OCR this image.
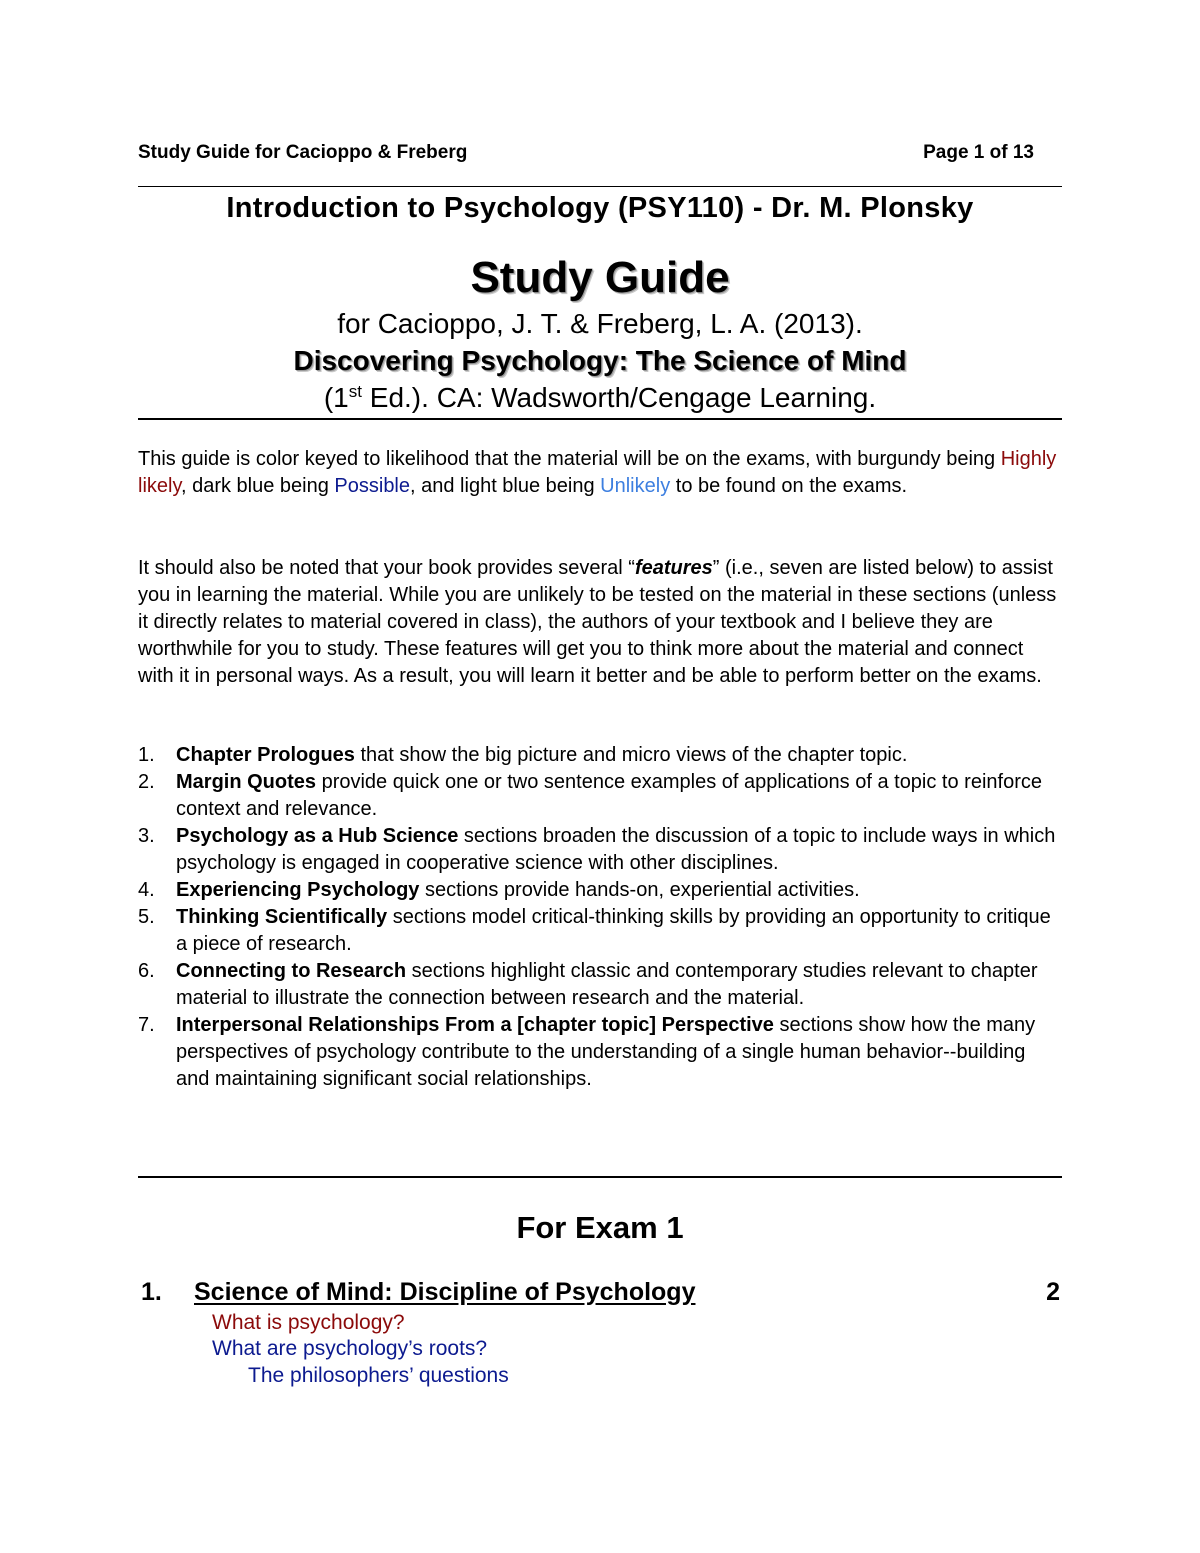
Study Guide for Cacioppo & Freberg	Page 1 of 13
Introduction to Psychology (PSY110) - Dr. M. Plonsky
Study Guide
for Cacioppo, J. T. & Freberg, L. A. (2013).
Discovering Psychology: The Science of Mind
(1st Ed.). CA: Wadsworth/Cengage Learning.
This guide is color keyed to likelihood that the material will be on the exams, with burgundy being Highly likely, dark blue being Possible, and light blue being Unlikely to be found on the exams.
It should also be noted that your book provides several “features” (i.e., seven are listed below) to assist you in learning the material. While you are unlikely to be tested on the material in these sections (unless it directly relates to material covered in class), the authors of your textbook and I believe they are worthwhile for you to study. These features will get you to think more about the material and connect with it in personal ways. As a result, you will learn it better and be able to perform better on the exams.
1. Chapter Prologues that show the big picture and micro views of the chapter topic.
2. Margin Quotes provide quick one or two sentence examples of applications of a topic to reinforce context and relevance.
3. Psychology as a Hub Science sections broaden the discussion of a topic to include ways in which psychology is engaged in cooperative science with other disciplines.
4. Experiencing Psychology sections provide hands-on, experiential activities.
5. Thinking Scientifically sections model critical-thinking skills by providing an opportunity to critique a piece of research.
6. Connecting to Research sections highlight classic and contemporary studies relevant to chapter material to illustrate the connection between research and the material.
7. Interpersonal Relationships From a [chapter topic] Perspective sections show how the many perspectives of psychology contribute to the understanding of a single human behavior--building and maintaining significant social relationships.
For Exam 1
1. Science of Mind: Discipline of Psychology	2
What is psychology?
What are psychology’s roots?
The philosophers’ questions
